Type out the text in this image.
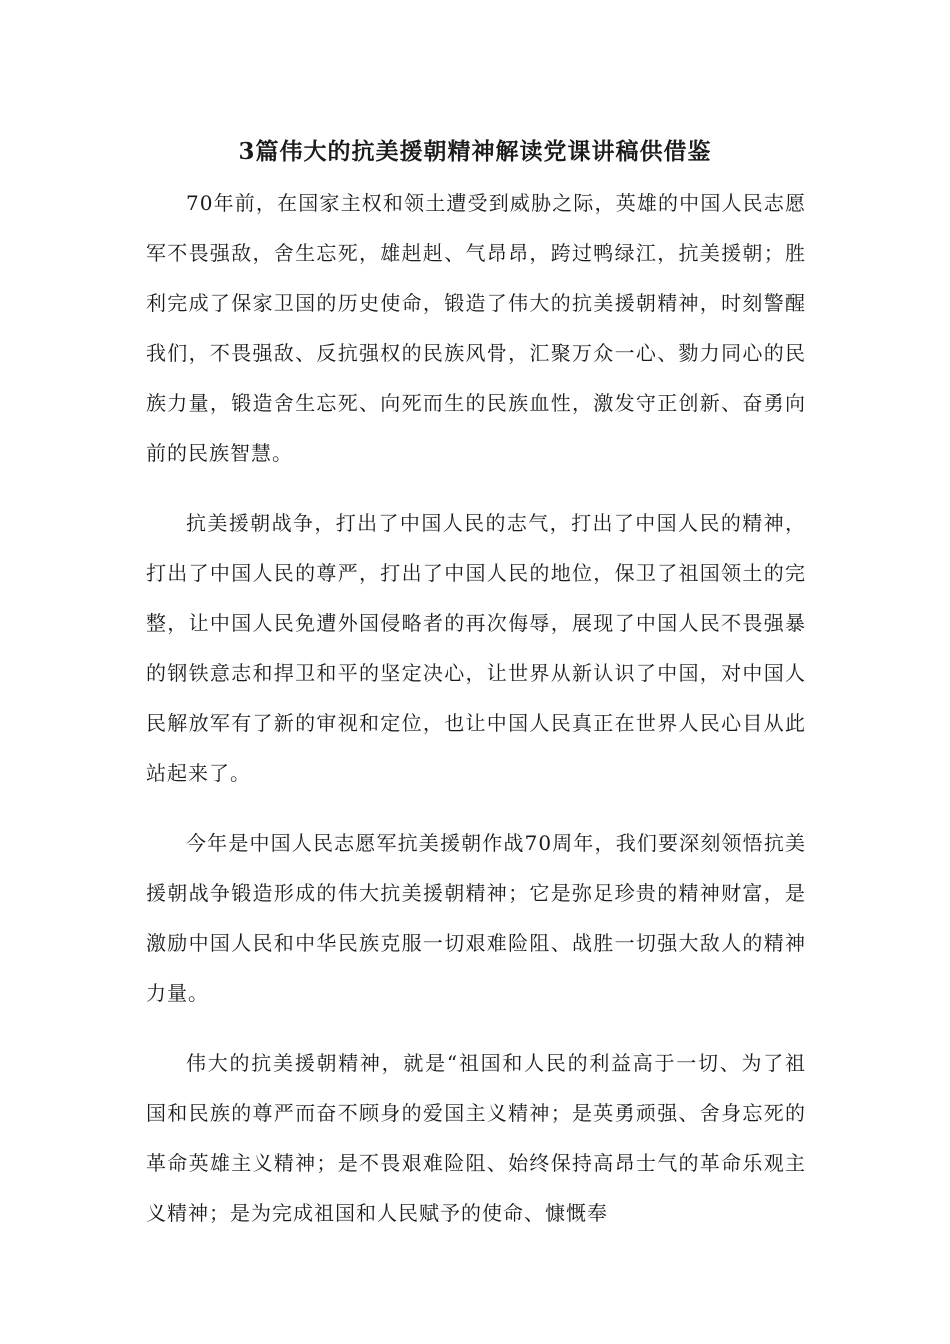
3篇伟大的抗美援朝精神解读党课讲稿供借鉴

70年前，在国家主权和领土遭受到威胁之际，英雄的中国人民志愿军不畏强敌，舍生忘死，雄赳赳、气昂昂，跨过鸭绿江，抗美援朝；胜利完成了保家卫国的历史使命，锻造了伟大的抗美援朝精神，时刻警醒我们，不畏强敌、反抗强权的民族风骨，汇聚万众一心、勠力同心的民族力量，锻造舍生忘死、向死而生的民族血性，激发守正创新、奋勇向前的民族智慧。

抗美援朝战争，打出了中国人民的志气，打出了中国人民的精神，打出了中国人民的尊严，打出了中国人民的地位，保卫了祖国领土的完整，让中国人民免遭外国侵略者的再次侮辱，展现了中国人民不畏强暴的钢铁意志和捍卫和平的坚定决心，让世界从新认识了中国，对中国人民解放军有了新的审视和定位，也让中国人民真正在世界人民心目从此站起来了。

今年是中国人民志愿军抗美援朝作战70周年，我们要深刻领悟抗美援朝战争锻造形成的伟大抗美援朝精神；它是弥足珍贵的精神财富，是激励中国人民和中华民族克服一切艰难险阻、战胜一切强大敌人的精神力量。

伟大的抗美援朝精神，就是“祖国和人民的利益高于一切、为了祖国和民族的尊严而奋不顾身的爱国主义精神；是英勇顽强、舍身忘死的革命英雄主义精神；是不畏艰难险阻、始终保持高昂士气的革命乐观主义精神；是为完成祖国和人民赋予的使命、慷慨奉
